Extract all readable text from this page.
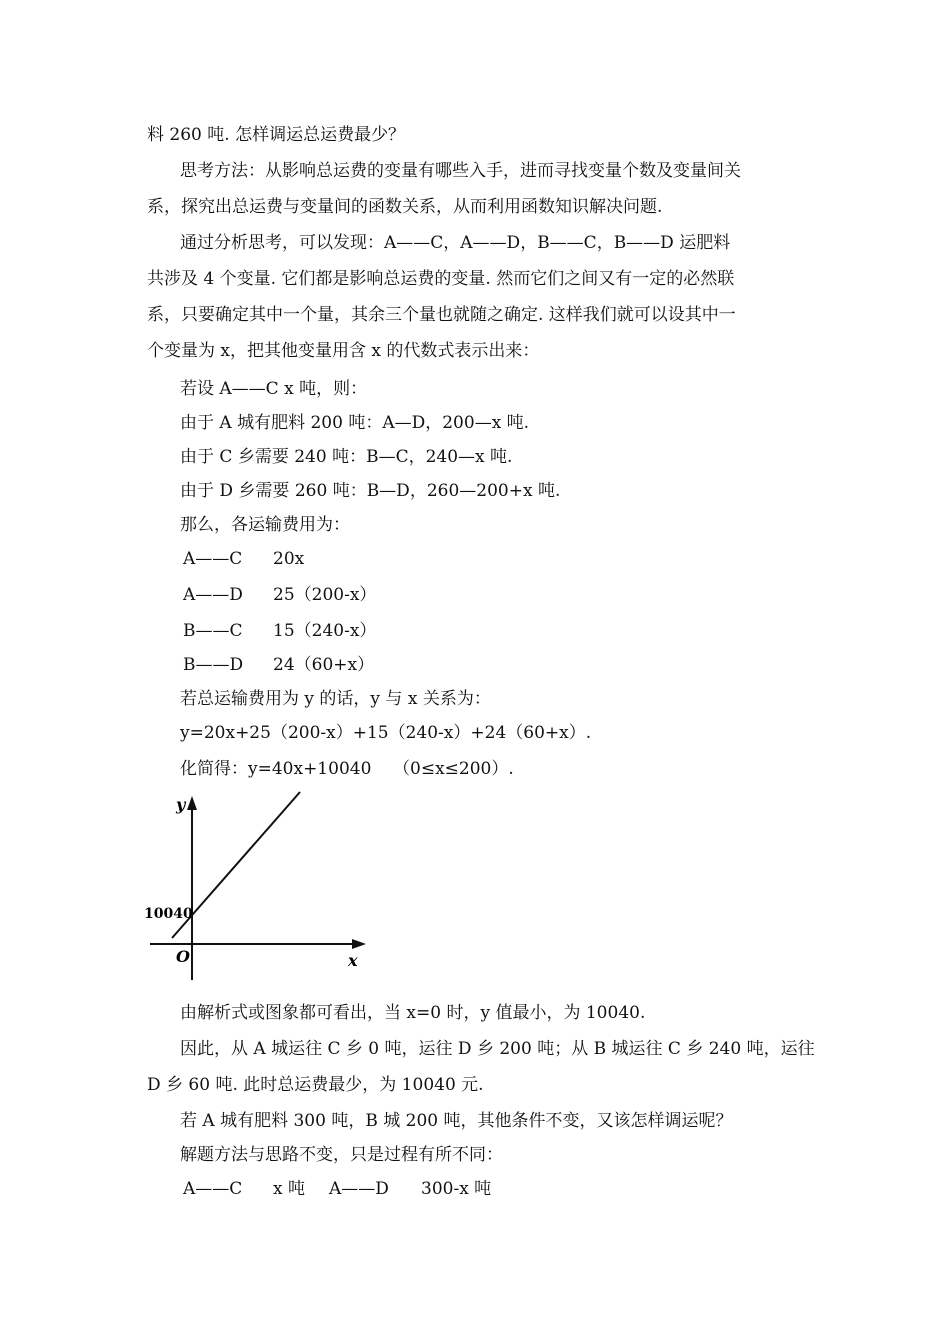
料 260 吨. 怎样调运总运费最少？
思考方法：从影响总运费的变量有哪些入手，进而寻找变量个数及变量间关
系，探究出总运费与变量间的函数关系，从而利用函数知识解决问题.
通过分析思考，可以发现：A——C，A——D，B——C，B——D 运肥料
共涉及 4 个变量. 它们都是影响总运费的变量. 然而它们之间又有一定的必然联
系，只要确定其中一个量，其余三个量也就随之确定. 这样我们就可以设其中一
个变量为 x，把其他变量用含 x 的代数式表示出来：
若设 A——C x 吨，则：
由于 A 城有肥料 200 吨：A—D，200—x 吨.
由于 C 乡需要 240 吨：B—C，240—x 吨.
由于 D 乡需要 260 吨：B—D，260—200+x 吨.
那么，各运输费用为：
A——C 20x
A——D 25（200-x）
B——C 15（240-x）
B——D 24（60+x）
若总运输费用为 y 的话，y 与 x 关系为：
y=20x+25（200-x）+15（240-x）+24（60+x）.
化简得：y=40x+10040    （0≤x≤200）.
y
x
O
10040
由解析式或图象都可看出，当 x=0 时，y 值最小，为 10040.
因此，从 A 城运往 C 乡 0 吨，运往 D 乡 200 吨；从 B 城运往 C 乡 240 吨，运往
D 乡 60 吨. 此时总运费最少，为 10040 元.
若 A 城有肥料 300 吨，B 城 200 吨，其他条件不变，又该怎样调运呢？
解题方法与思路不变，只是过程有所不同：
A——C x 吨 A——D 300-x 吨
